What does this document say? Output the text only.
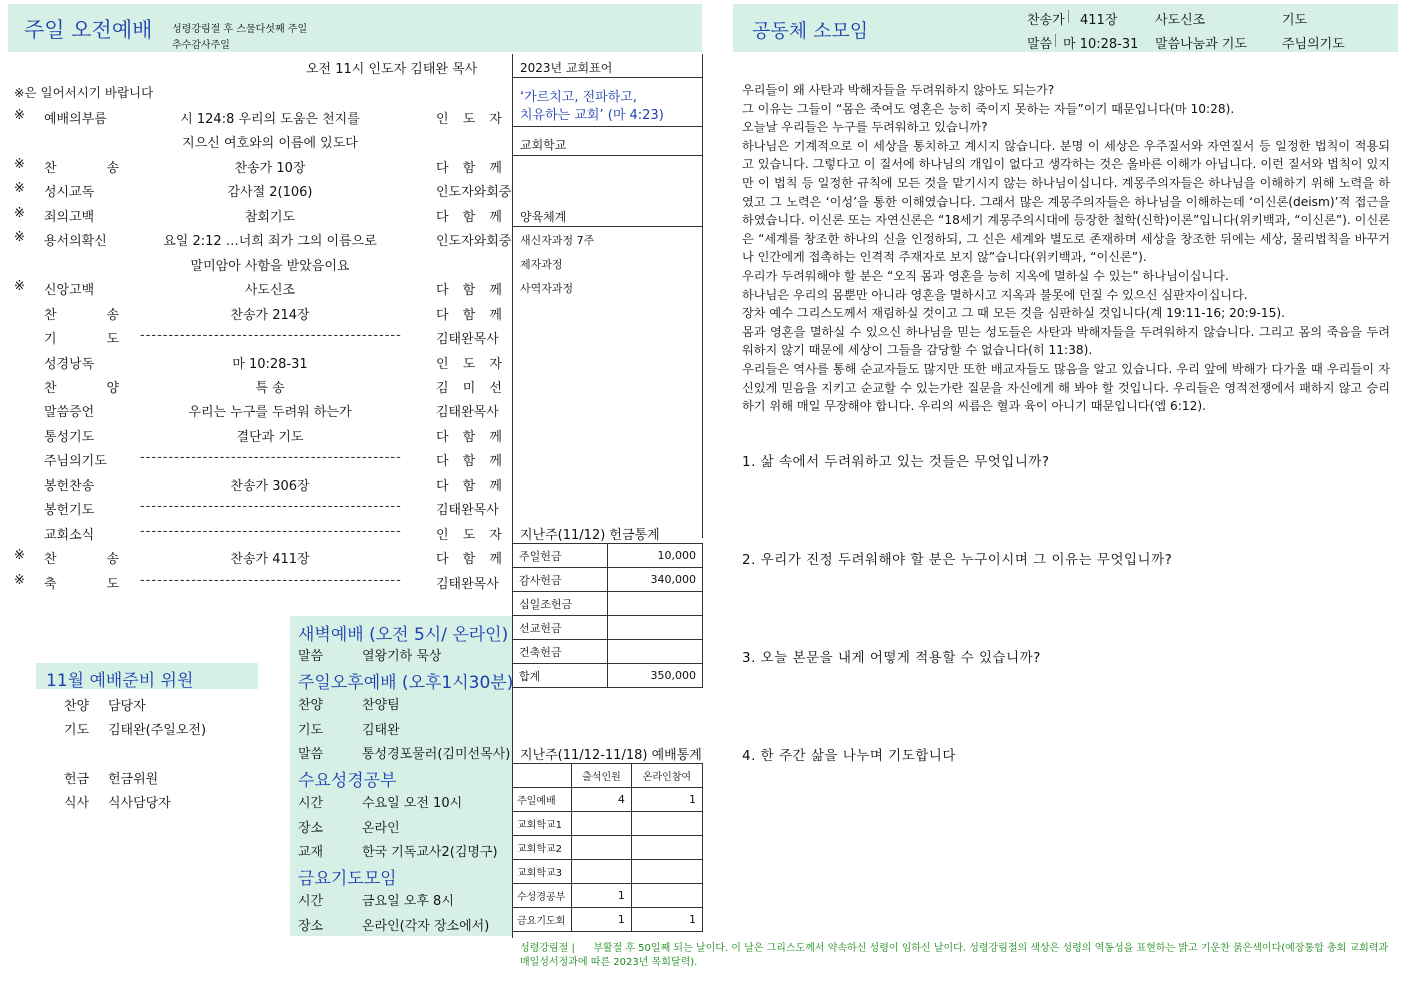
주일 오전예배 성령강림절 후 스물다섯째 주일
추수감사주일
공동체 소모임	찬송가 411장	사도신조	기도
말씀 마 10:28-31 말씀나눔과 기도	주님의기도
오전 11시 인도자 김태완 목사
※은 일어서시기 바랍니다
※ 예배의부름	시 124:8 우리의 도움은 천지를	인 도 자
지으신 여호와의 이름에 있도다
※ 찬 송	찬송가 10장	다 함 께
※ 성시교독	감사절 2(106)	인도자와회중
※ 죄의고백	참회기도	다 함 께
※ 용서의확신	요일 2:12 …너희 죄가 그의 이름으로	인도자와회중
말미암아 사함을 받았음이요
※ 신앙고백	사도신조	다 함 께
찬 송	찬송가 214장	다 함 께
기 도 ----------------------------------------------	김태완목사
성경낭독	마 10:28-31	인 도 자
찬 양	특 송	김 미 선
말씀증언	우리는 누구를 두려워 하는가	김태완목사
통성기도	결단과 기도	다 함 께
주님의기도	----------------------------------------------	다 함 께
봉헌찬송	찬송가 306장	다 함 께
봉헌기도	----------------------------------------------	김태완목사
교회소식	----------------------------------------------	인 도 자
※ 찬 송	찬송가 411장	다 함 께
※ 축 도 ----------------------------------------------	김태완목사
2023년 교회표어
‘가르치고, 전파하고,
치유하는 교회’ (마 4:23)
교회학교
양육체계
새신자과정 7주
제자과정
사역자과정
지난주(11/12) 헌금통계
주일헌금	10,000
감사헌금	340,000
십일조헌금	
선교헌금	
건축헌금	
합계	350,000
지난주(11/12-11/18) 예배통계
	출석인원	온라인참여
주일예배	4	1
교회학교1		
교회학교2		
교회학교3		
수성경공부	1	
금요기도회	1	1
새벽예배 (오전 5시/ 온라인)
말씀	열왕기하 묵상
주일오후예배 (오후1시30분)
찬양	찬양팀
기도	김태완
말씀	통성경포물러(김미선목사)
수요성경공부
시간	수요일 오전 10시
장소	온라인
교재	한국 기독교사2(김명구)
금요기도모임
시간	금요일 오후 8시
장소	온라인(각자 장소에서)
11월 예배준비 위원
찬양 담당자
기도 김태완(주일오전)
헌금 헌금위원
식사 식사담당자
우리들이 왜 사탄과 박해자들을 두려워하지 않아도 되는가?
그 이유는 그들이 “몸은 죽여도 영혼은 능히 죽이지 못하는 자들”이기 때문입니다(마 10:28).
오늘날 우리들은 누구를 두려워하고 있습니까?
하나님은 기계적으로 이 세상을 통치하고 계시지 않습니다. 분명 이 세상은 우주질서와 자연질서 등 일정한 법칙이 적용되고 있습니다. 그렇다고 이 질서에 하나님의 개입이 없다고 생각하는 것은 올바른 이해가 아닙니다. 이런 질서와 법칙이 있지만 이 법칙 등 일정한 규칙에 모든 것을 맡기시지 않는 하나님이십니다. 계몽주의자들은 하나님을 이해하기 위해 노력을 하였고 그 노력은 ‘이성’을 통한 이해였습니다. 그래서 많은 계몽주의자들은 하나님을 이해하는데 ‘이신론(deism)’적 접근을 하였습니다. 이신론 또는 자연신론은 “18세기 계몽주의시대에 등장한 철학(신학)이론”입니다(위키백과, “이신론”). 이신론은 “세계를 창조한 하나의 신을 인정하되, 그 신은 세계와 별도로 존재하며 세상을 창조한 뒤에는 세상, 물리법칙을 바꾸거나 인간에게 접촉하는 인격적 주재자로 보지 않”습니다(위키백과, “이신론”).
우리가 두려워해야 할 분은 “오직 몸과 영혼을 능히 지옥에 멸하실 수 있는” 하나님이십니다.
하나님은 우리의 몸뿐만 아니라 영혼을 멸하시고 지옥과 불못에 던질 수 있으신 심판자이십니다.
장차 예수 그리스도께서 재림하실 것이고 그 때 모든 것을 심판하실 것입니다(계 19:11-16; 20:9-15).
몸과 영혼을 멸하실 수 있으신 하나님을 믿는 성도들은 사탄과 박해자들을 두려워하지 않습니다. 그리고 몸의 죽음을 두려워하지 않기 때문에 세상이 그들을 감당할 수 없습니다(히 11:38).
우리들은 역사를 통해 순교자들도 많지만 또한 배교자들도 많음을 알고 있습니다. 우리 앞에 박해가 다가올 때 우리들이 자신있게 믿음을 지키고 순교할 수 있는가란 질문을 자신에게 해 봐야 할 것입니다. 우리들은 영적전쟁에서 패하지 않고 승리하기 위해 매일 무장해야 합니다. 우리의 씨름은 혈과 육이 아니기 때문입니다(엡 6:12).
1. 삶 속에서 두려워하고 있는 것들은 무엇입니까?
2. 우리가 진정 두려워해야 할 분은 누구이시며 그 이유는 무엇입니까?
3. 오늘 본문을 내게 어떻게 적용할 수 있습니까?
4. 한 주간 삶을 나누며 기도합니다
성령강림절 | 부활절 후 50일째 되는 날이다. 이 날은 그리스도께서 약속하신 성령이 임하신 날이다. 성령강림절의 색상은 성령의 역동성을 표현하는 밝고 기운찬 붉은색이다(예장통합 총회 교회력과 매일성서정과에 따른 2023년 목회달력).
